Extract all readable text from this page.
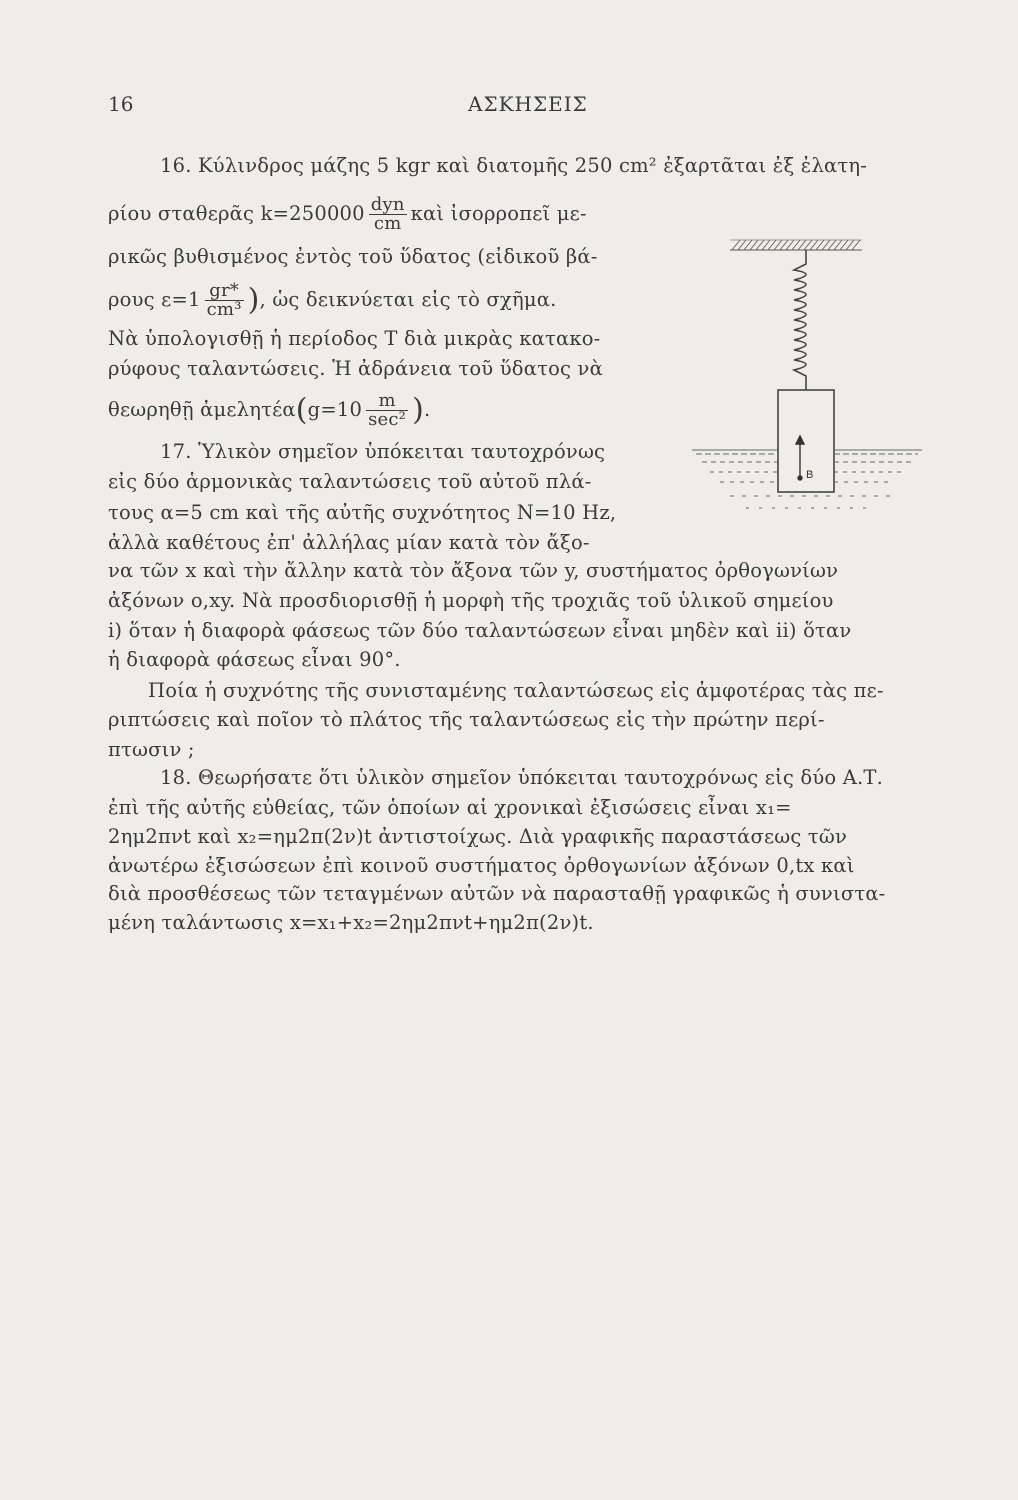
16	ΑΣΚΗΣΕΙΣ
16. Κύλινδρος μάζης 5 kgr καὶ διατομῆς 250 cm² ἐξαρτᾶται ἐξ ἐλατη-
ρίου σταθερᾶς $k=250000 \frac{\text{dyn}}{cm}$ καὶ ἰσορροπεῖ με-
ρικῶς βυθισμένος ἐντὸς τοῦ ὕδατος (εἰδικοῦ βά-
ρους $\varepsilon=1 \frac{gr*}{\text{cm³}}$ ), ὡς δεικνύεται εἰς τὸ σχῆμα.
Νὰ ὑπολογισθῇ ἡ περίοδος Τ διὰ μικρὰς κατακο-
ρύφους ταλαντώσεις. Ἡ ἀδράνεια τοῦ ὕδατος νὰ
θεωρηθῇ ἀμελητέα(g=10 $\frac{m}{\text{sec²}}$ ).
17. Ὑλικὸν σημεῖον ὑπόκειται ταυτοχρόνως
εἰς δύο ἁρμονικὰς ταλαντώσεις τοῦ αὐτοῦ πλά-
τους α=5 cm καὶ τῆς αὐτῆς συχνότητος N=10 Hz,
ἀλλὰ καθέτους ἐπ' ἀλλήλας μίαν κατὰ τὸν ἄξο-
να τῶν x καὶ τὴν ἄλλην κατὰ τὸν ἄξονα τῶν y, συστήματος ὀρθογωνίων
ἀξόνων o,xy. Νὰ προσδιορισθῇ ἡ μορφὴ τῆς τροχιᾶς τοῦ ὑλικοῦ σημείου
i) ὅταν ἡ διαφορὰ φάσεως τῶν δύο ταλαντώσεων εἶναι μηδὲν καὶ ii) ὅταν
ἡ διαφορὰ φάσεως εἶναι 90°.
Ποία ἡ συχνότης τῆς συνισταμένης ταλαντώσεως εἰς ἀμφοτέρας τὰς πε-
ριπτώσεις καὶ ποῖον τὸ πλάτος τῆς ταλαντώσεως εἰς τὴν πρώτην περί-
πτωσιν ;
18. Θεωρήσατε ὅτι ὑλικὸν σημεῖον ὑπόκειται ταυτοχρόνως εἰς δύο Α.Τ.
ἐπὶ τῆς αὐτῆς εὐθείας, τῶν ὁποίων αἱ χρονικαὶ ἐξισώσεις εἶναι x₁=
2ημ2πνt καὶ x₂=ημ2π(2ν)t ἀντιστοίχως. Διὰ γραφικῆς παραστάσεως τῶν
ἀνωτέρω ἐξισώσεων ἐπὶ κοινοῦ συστήματος ὀρθογωνίων ἀξόνων 0,tx καὶ
διὰ προσθέσεως τῶν τεταγμένων αὐτῶν νὰ παρασταθῇ γραφικῶς ἡ συνιστα-
μένη ταλάντωσις x=x₁+x₂=2ημ2πνt+ημ2π(2ν)t.
B
